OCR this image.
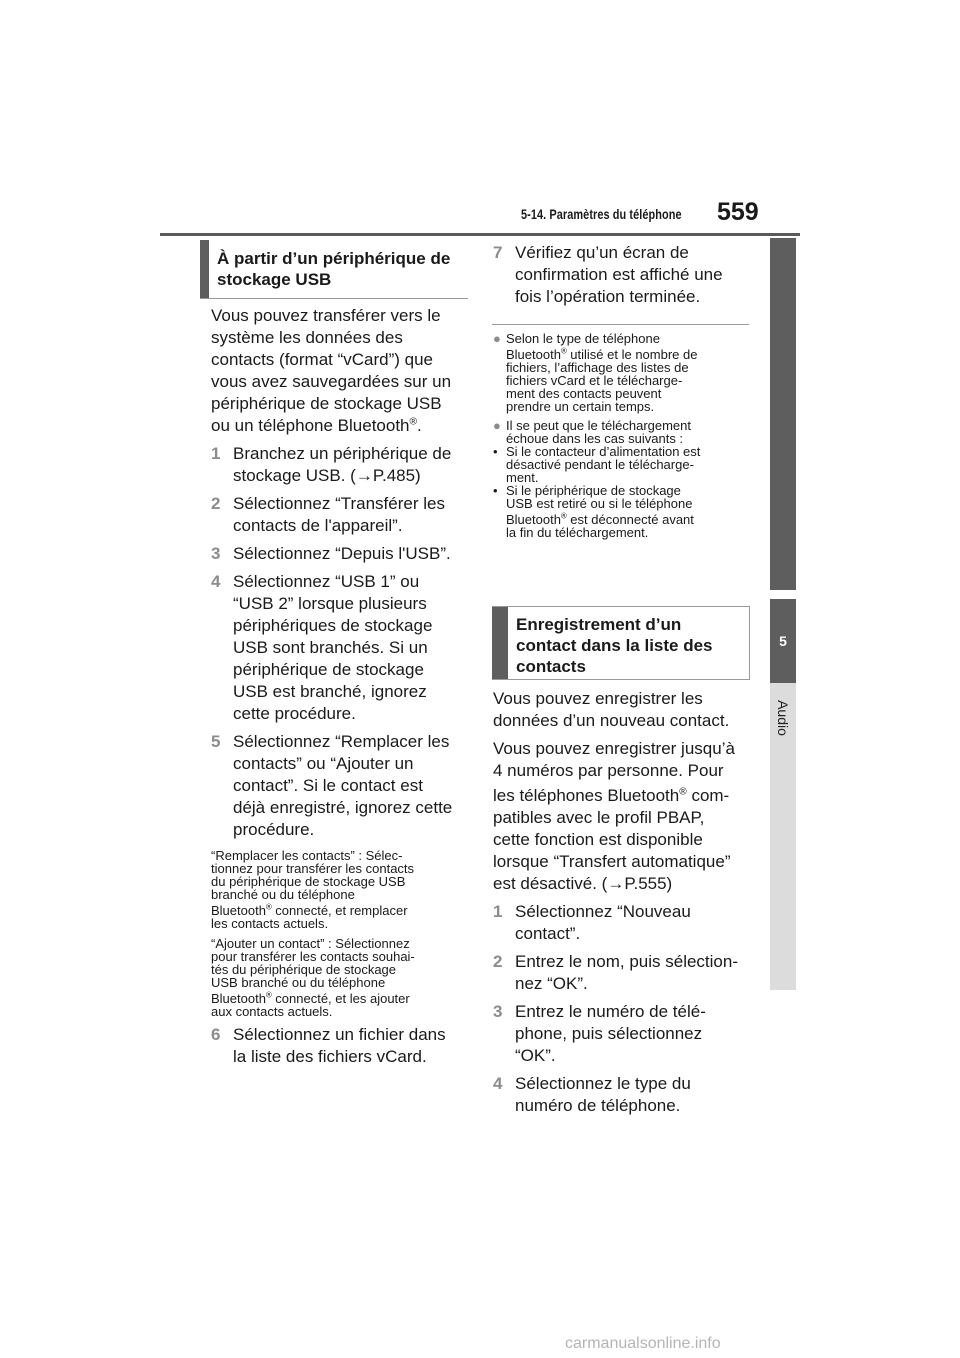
5-14. Paramètres du téléphone 559
5
Audio
À partir d’un périphérique de
stockage USB

Vous pouvez transférer vers le

système les données des

contacts (format “vCard”) que

vous avez sauvegardées sur un

périphérique de stockage USB

ou un téléphone Bluetooth®.

1 Branchez un périphérique de
stockage USB. (→P.485)
2 Sélectionnez “Transférer les
contacts de l'appareil”.
3 Sélectionnez “Depuis l'USB”.
4 Sélectionnez “USB 1” ou
“USB 2” lorsque plusieurs
périphériques de stockage
USB sont branchés. Si un
périphérique de stockage
USB est branché, ignorez
cette procédure.
5 Sélectionnez “Remplacer les
contacts” ou “Ajouter un
contact”. Si le contact est
déjà enregistré, ignorez cette
procédure.

“Remplacer les contacts” : Sélec-

tionnez pour transférer les contacts

du périphérique de stockage USB

branché ou du téléphone

Bluetooth® connecté, et remplacer

les contacts actuels.

“Ajouter un contact” : Sélectionnez

pour transférer les contacts souhai-

tés du périphérique de stockage

USB branché ou du téléphone

Bluetooth® connecté, et les ajouter

aux contacts actuels.

6 Sélectionnez un fichier dans
la liste des fichiers vCard.
7 Vérifiez qu’un écran de
confirmation est affiché une
fois l’opération terminée.
● Selon le type de téléphone
Bluetooth® utilisé et le nombre de
fichiers, l’affichage des listes de
fichiers vCard et le télécharge-
ment des contacts peuvent
prendre un certain temps.
● Il se peut que le téléchargement
échoue dans les cas suivants :
• Si le contacteur d’alimentation est
désactivé pendant le télécharge-
ment.
• Si le périphérique de stockage
USB est retiré ou si le téléphone
Bluetooth® est déconnecté avant
la fin du téléchargement.
Enregistrement d’un
contact dans la liste des
contacts

Vous pouvez enregistrer les

données d’un nouveau contact.

Vous pouvez enregistrer jusqu’à

4 numéros par personne. Pour

les téléphones Bluetooth® com-

patibles avec le profil PBAP,

cette fonction est disponible

lorsque “Transfert automatique”

est désactivé. (→P.555)

1 Sélectionnez “Nouveau
contact”.
2 Entrez le nom, puis sélection-
nez “OK”.
3 Entrez le numéro de télé-
phone, puis sélectionnez
“OK”.
4 Sélectionnez le type du
numéro de téléphone.
carmanualsonline.info
